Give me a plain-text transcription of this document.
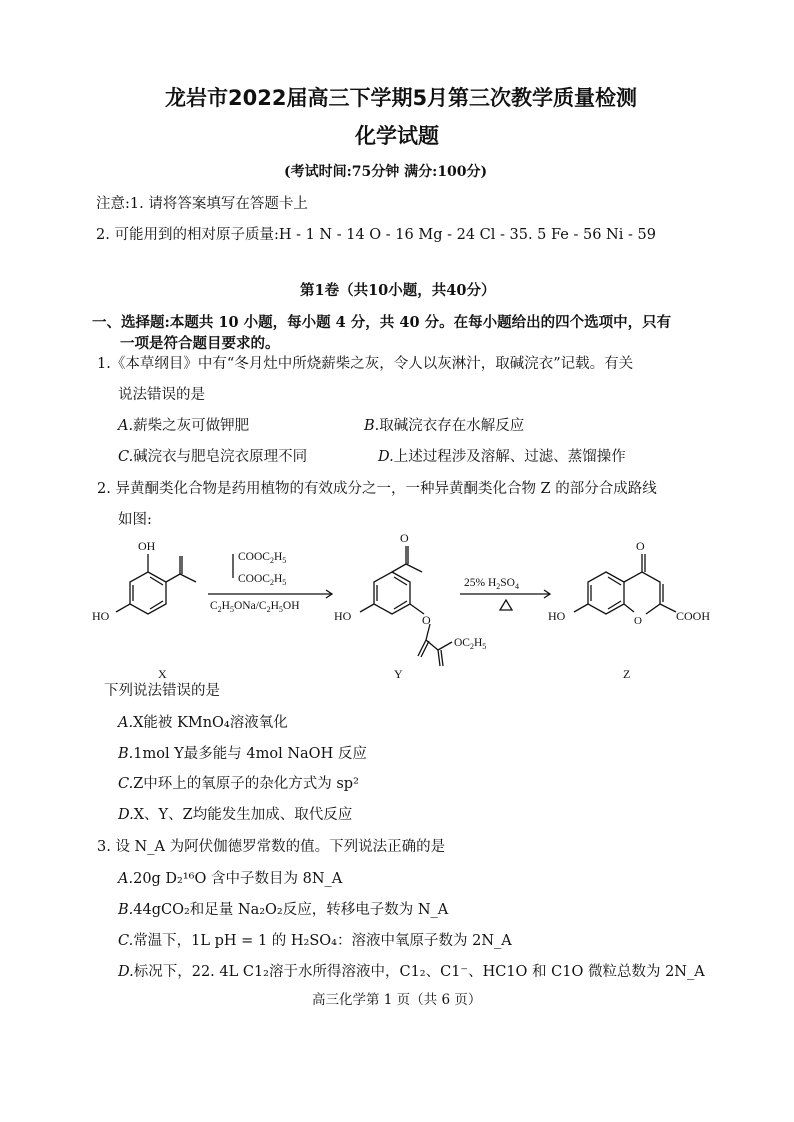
龙岩市2022届高三下学期5月第三次教学质量检测
化学试题
(考试时间:75分钟 满分:100分)
注意:1. 请将答案填写在答题卡上
2. 可能用到的相对原子质量:H - 1 N - 14 O - 16 Mg - 24 Cl - 35. 5 Fe - 56 Ni - 59
第1卷（共10小题，共40分）
一、选择题:本题共 10 小题，每小题 4 分，共 40 分。在每小题给出的四个选项中，只有
一项是符合题目要求的。
1.《本草纲目》中有“冬月灶中所烧薪柴之灰，令人以灰淋汁，取碱浣衣”记载。有关
说法错误的是
A.薪柴之灰可做钾肥	B.取碱浣衣存在水解反应
C.碱浣衣与肥皂浣衣原理不同	D.上述过程涉及溶解、过滤、蒸馏操作
2. 异黄酮类化合物是药用植物的有效成分之一，一种异黄酮类化合物 Z 的部分合成路线
如图:
OH
HO
X
$COOC_2H_5$
$COOC_2H_5$
$C_2H_5ONa/C_2H_5OH$
O
HO	O
$OC_2H_5$
Y
25% $H_2SO_4$
O
O
HO	COOH
Z
下列说法错误的是
A.X能被 KMnO₄溶液氧化
B.1mol Y最多能与 4mol NaOH 反应
C.Z中环上的氧原子的杂化方式为 sp²
D.X、Y、Z均能发生加成、取代反应
3. 设 N_A 为阿伏伽德罗常数的值。下列说法正确的是
A.20g D₂¹⁶O 含中子数目为 8N_A
B.44gCO₂和足量 Na₂O₂反应，转移电子数为 N_A
C.常温下，1L pH = 1 的 H₂SO₄：溶液中氧原子数为 2N_A
D.标况下，22. 4L C1₂溶于水所得溶液中，C1₂、C1⁻、HC1O 和 C1O 微粒总数为 2N_A
高三化学第 1 页（共 6 页）
